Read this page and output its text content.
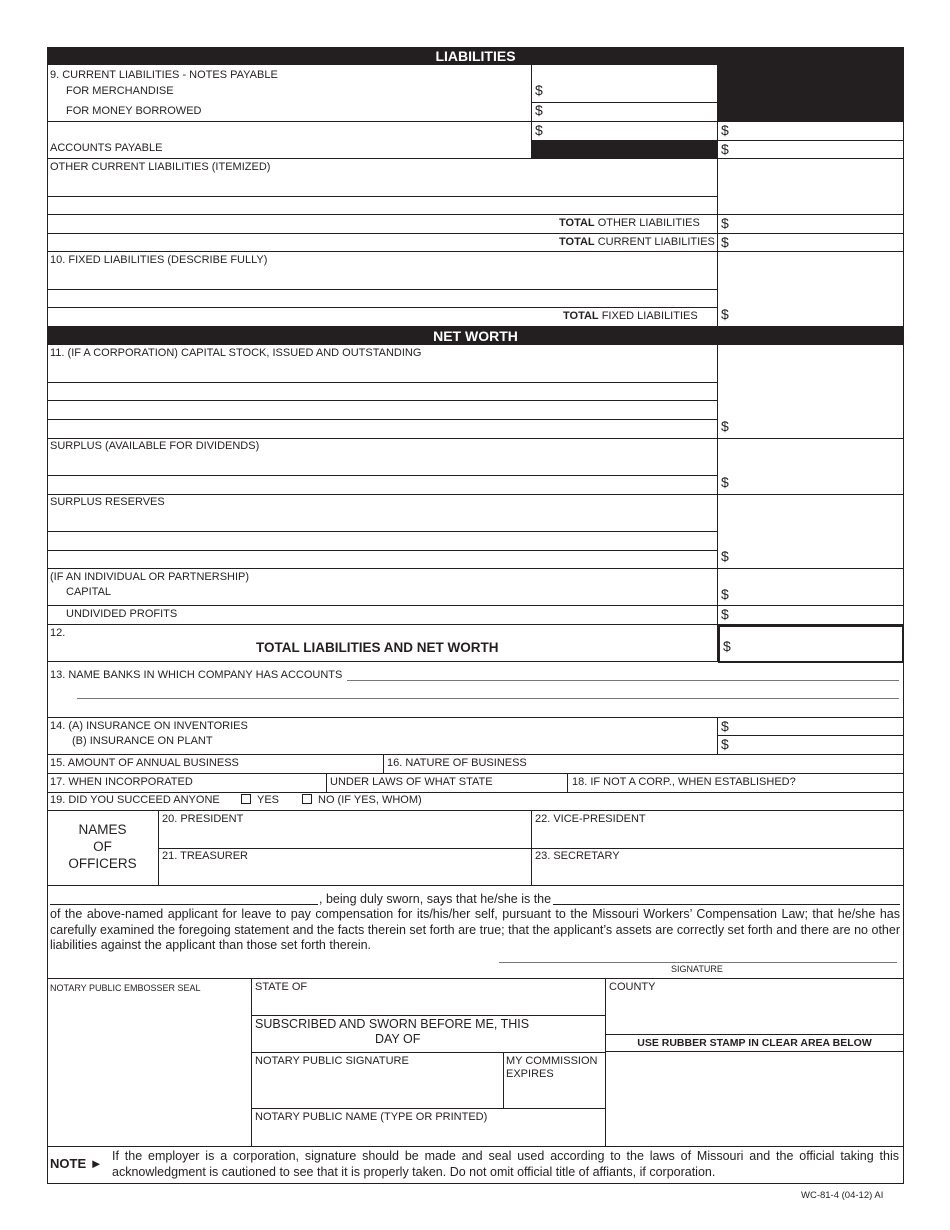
LIABILITIES
9. CURRENT LIABILITIES - NOTES PAYABLE
FOR MERCHANDISE	$
FOR MONEY BORROWED	$
$	$
ACCOUNTS PAYABLE	$
OTHER CURRENT LIABILITIES (ITEMIZED)
TOTAL OTHER LIABILITIES $
TOTAL CURRENT LIABILITIES $
10. FIXED LIABILITIES (DESCRIBE FULLY)
TOTAL FIXED LIABILITIES $
NET WORTH
11. (IF A CORPORATION) CAPITAL STOCK, ISSUED AND OUTSTANDING
$
SURPLUS (AVAILABLE FOR DIVIDENDS)
$
SURPLUS RESERVES
$
(IF AN INDIVIDUAL OR PARTNERSHIP)
CAPITAL	$
UNDIVIDED PROFITS	$
12.
TOTAL LIABILITIES AND NET WORTH	$
13. NAME BANKS IN WHICH COMPANY HAS ACCOUNTS
14. (A) INSURANCE ON INVENTORIES	$
(B) INSURANCE ON PLANT	$
15. AMOUNT OF ANNUAL BUSINESS	16. NATURE OF BUSINESS
17. WHEN INCORPORATED	UNDER LAWS OF WHAT STATE	18. IF NOT A CORP., WHEN ESTABLISHED?
19. DID YOU SUCCEED ANYONE	YES	NO (IF YES, WHOM)
NAMES
OF
OFFICERS
20. PRESIDENT	22. VICE-PRESIDENT
21. TREASURER	23. SECRETARY
, being duly sworn, says that he/she is the
of the above-named applicant for leave to pay compensation for its/his/her self, pursuant to the Missouri Workers’ Compensation Law; that he/she has carefully examined the foregoing statement and the facts therein set forth are true; that the applicant’s assets are correctly set forth and there are no other liabilities against the applicant than those set forth therein.
SIGNATURE
NOTARY PUBLIC EMBOSSER SEAL	STATE OF	COUNTY
SUBSCRIBED AND SWORN BEFORE ME, THIS
DAY OF	USE RUBBER STAMP IN CLEAR AREA BELOW
NOTARY PUBLIC SIGNATURE	MY COMMISSION
EXPIRES
NOTARY PUBLIC NAME (TYPE OR PRINTED)
NOTE ► If the employer is a corporation, signature should be made and seal used according to the laws of Missouri and the official taking this acknowledgment is cautioned to see that it is properly taken. Do not omit official title of affiants, if corporation.
WC-81-4 (04-12) AI
